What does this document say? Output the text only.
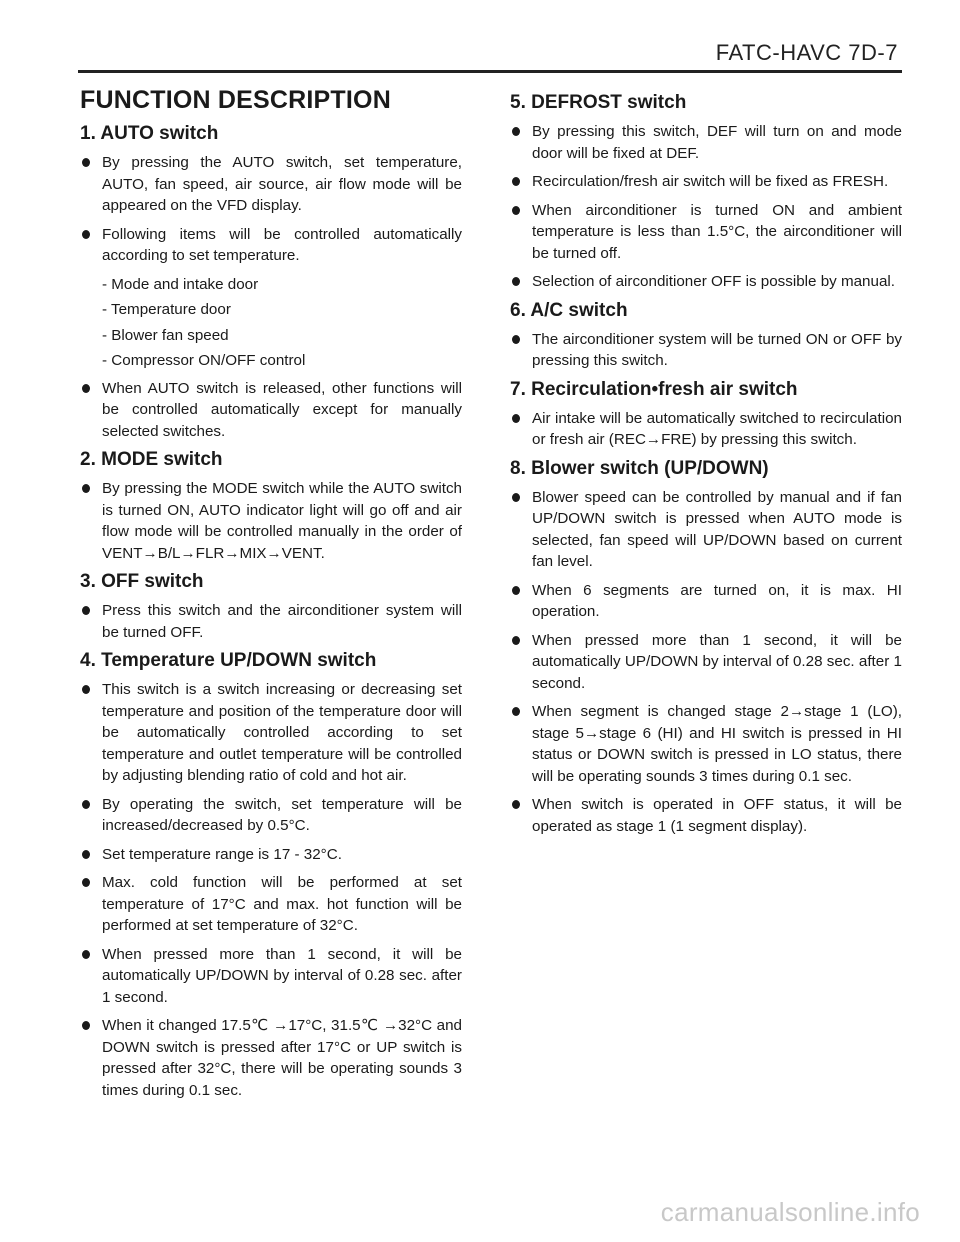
FATC-HAVC 7D-7
FUNCTION DESCRIPTION
1. AUTO switch
By pressing the AUTO switch, set temperature, AUTO, fan speed, air source, air flow mode will be appeared on the VFD display.
Following items will be controlled automatically according to set temperature.
- Mode and intake door
- Temperature door
- Blower fan speed
- Compressor ON/OFF control
When AUTO switch is released, other functions will be controlled automatically except for manually selected switches.
2. MODE switch
By pressing the MODE switch while the AUTO switch is turned ON, AUTO indicator light will go off and air flow mode will be controlled manually in the order of VENT→B/L→FLR→MIX→VENT.
3. OFF switch
Press this switch and the airconditioner system will be turned OFF.
4. Temperature UP/DOWN switch
This switch is a switch increasing or decreasing set temperature and position of the temperature door will be automatically controlled according to set temperature and outlet temperature will be controlled by adjusting blending ratio of cold and hot air.
By operating the switch, set temperature will be increased/decreased by 0.5°C.
Set temperature range is 17 - 32°C.
Max. cold function will be performed at set temperature of 17°C and max. hot function will be performed at set temperature of 32°C.
When pressed more than 1 second, it will be automatically UP/DOWN by interval of 0.28 sec. after 1 second.
When it changed 17.5℃ →17°C, 31.5℃ →32°C and DOWN switch is pressed after 17°C or UP switch is pressed after 32°C, there will be operating sounds 3 times during 0.1 sec.
5. DEFROST switch
By pressing this switch, DEF will turn on and mode door will be fixed at DEF.
Recirculation/fresh air switch will be fixed as FRESH.
When airconditioner is turned ON and ambient temperature is less than 1.5°C, the airconditioner will be turned off.
Selection of airconditioner OFF is possible by manual.
6. A/C switch
The airconditioner system will be turned ON or OFF by pressing this switch.
7. Recirculation•fresh air switch
Air intake will be automatically switched to recirculation or fresh air (REC→FRE) by pressing this switch.
8. Blower switch (UP/DOWN)
Blower speed can be controlled by manual and if fan UP/DOWN switch is pressed when AUTO mode is selected, fan speed will UP/DOWN based on current fan level.
When 6 segments are turned on, it is max. HI operation.
When pressed more than 1 second, it will be automatically UP/DOWN by interval of 0.28 sec. after 1 second.
When segment is changed stage 2→stage 1 (LO), stage 5→stage 6 (HI) and HI switch is pressed in HI status or DOWN switch is pressed in LO status, there will be operating sounds 3 times during 0.1 sec.
When switch is operated in OFF status, it will be operated as stage 1 (1 segment display).
carmanualsonline.info
